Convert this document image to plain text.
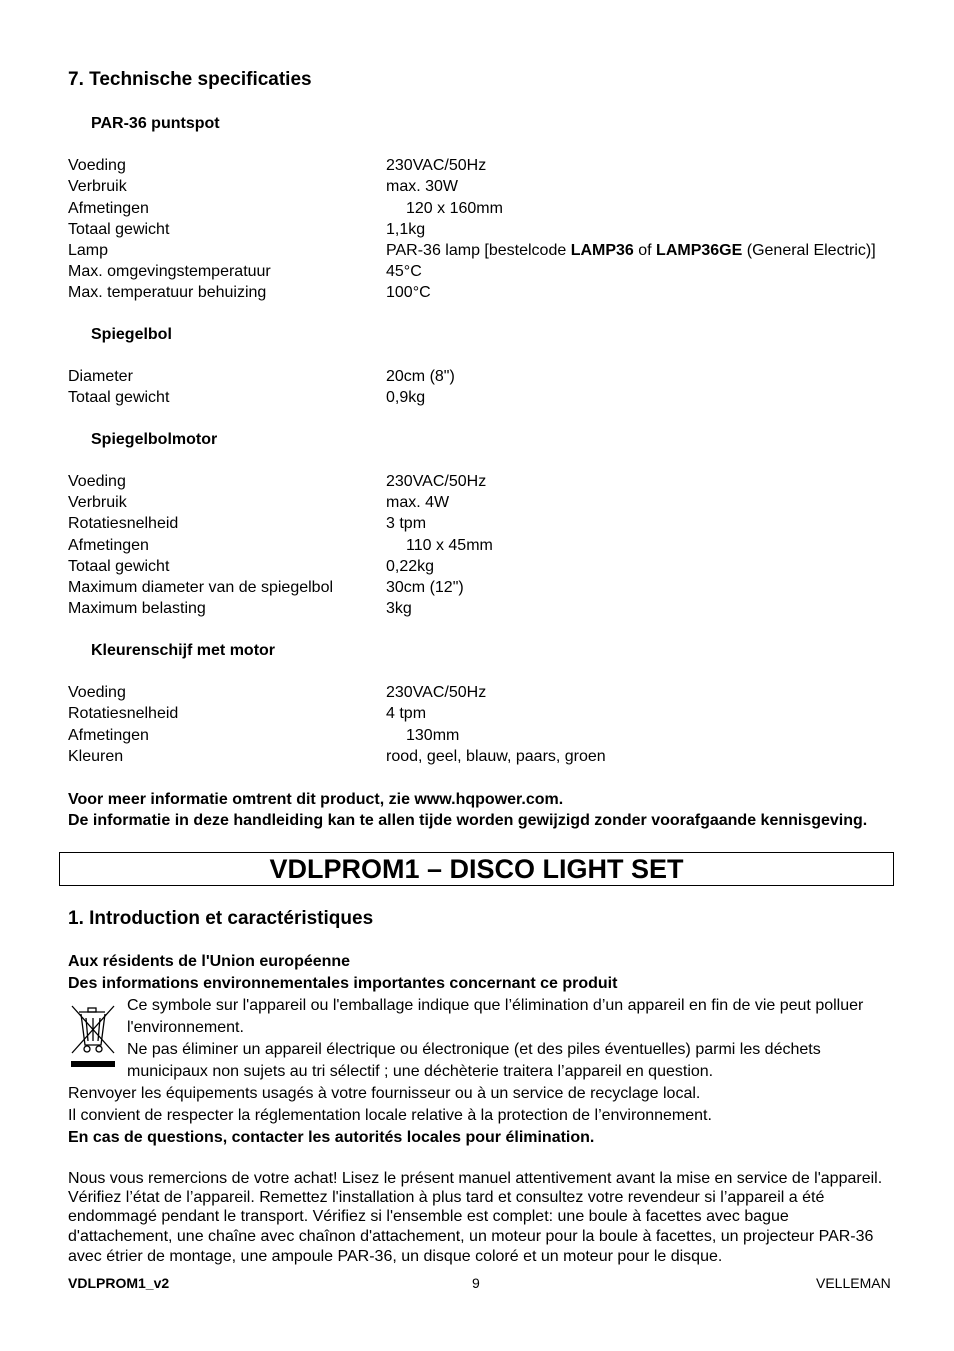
7. Technische specificaties
PAR-36 puntspot
Voeding	230VAC/50Hz
Verbruik	max. 30W
Afmetingen	120 x 160mm
Totaal gewicht	1,1kg
Lamp	PAR-36 lamp [bestelcode LAMP36 of LAMP36GE (General Electric)]
Max. omgevingstemperatuur	45°C
Max. temperatuur behuizing	100°C
Spiegelbol
Diameter	20cm (8")
Totaal gewicht	0,9kg
Spiegelbolmotor
Voeding	230VAC/50Hz
Verbruik	max. 4W
Rotatiesnelheid	3 tpm
Afmetingen	110 x 45mm
Totaal gewicht	0,22kg
Maximum diameter van de spiegelbol	30cm (12")
Maximum belasting	3kg
Kleurenschijf met motor
Voeding	230VAC/50Hz
Rotatiesnelheid	4 tpm
Afmetingen	130mm
Kleuren	rood, geel, blauw, paars, groen
Voor meer informatie omtrent dit product, zie www.hqpower.com.
De informatie in deze handleiding kan te allen tijde worden gewijzigd zonder voorafgaande kennisgeving.
VDLPROM1 – DISCO LIGHT SET
1. Introduction et caractéristiques
Aux résidents de l'Union européenne
Des informations environnementales importantes concernant ce produit
Ce symbole sur l'appareil ou l'emballage indique que l’élimination d’un appareil en fin de vie peut polluer
l'environnement.
Ne pas éliminer un appareil électrique ou électronique (et des piles éventuelles) parmi les déchets
municipaux non sujets au tri sélectif ; une déchèterie traitera l’appareil en question.
Renvoyer les équipements usagés à votre fournisseur ou à un service de recyclage local.
Il convient de respecter la réglementation locale relative à la protection de l’environnement.
En cas de questions, contacter les autorités locales pour élimination.
Nous vous remercions de votre achat! Lisez le présent manuel attentivement avant la mise en service de l'appareil.
Vérifiez l’état de l’appareil. Remettez l'installation à plus tard et consultez votre revendeur si l’appareil a été
endommagé pendant le transport. Vérifiez si l'ensemble est complet: une boule à facettes avec bague
d'attachement, une chaîne avec chaînon d'attachement, un moteur pour la boule à facettes, un projecteur PAR-36
avec étrier de montage, une ampoule PAR-36, un disque coloré et un moteur pour le disque.
VDLPROM1_v2	9	VELLEMAN
